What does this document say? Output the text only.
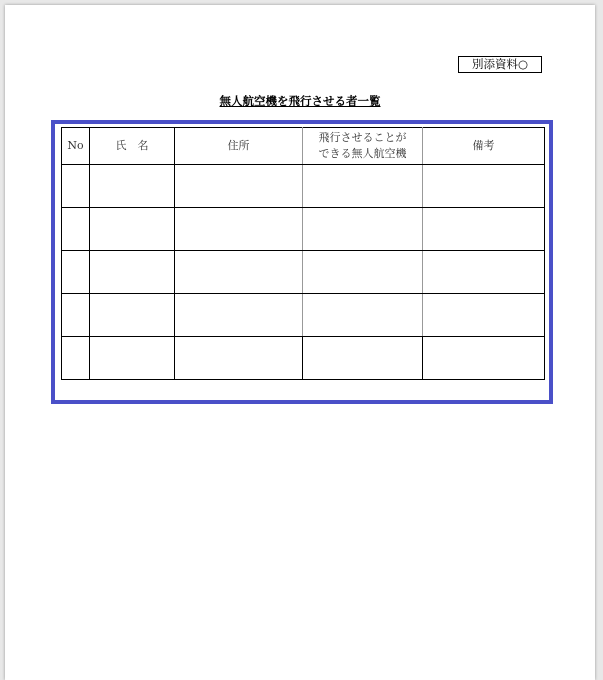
別添資料○
無人航空機を飛行させる者一覧
No	氏　名	住所	飛行させることが
できる無人航空機	備考
